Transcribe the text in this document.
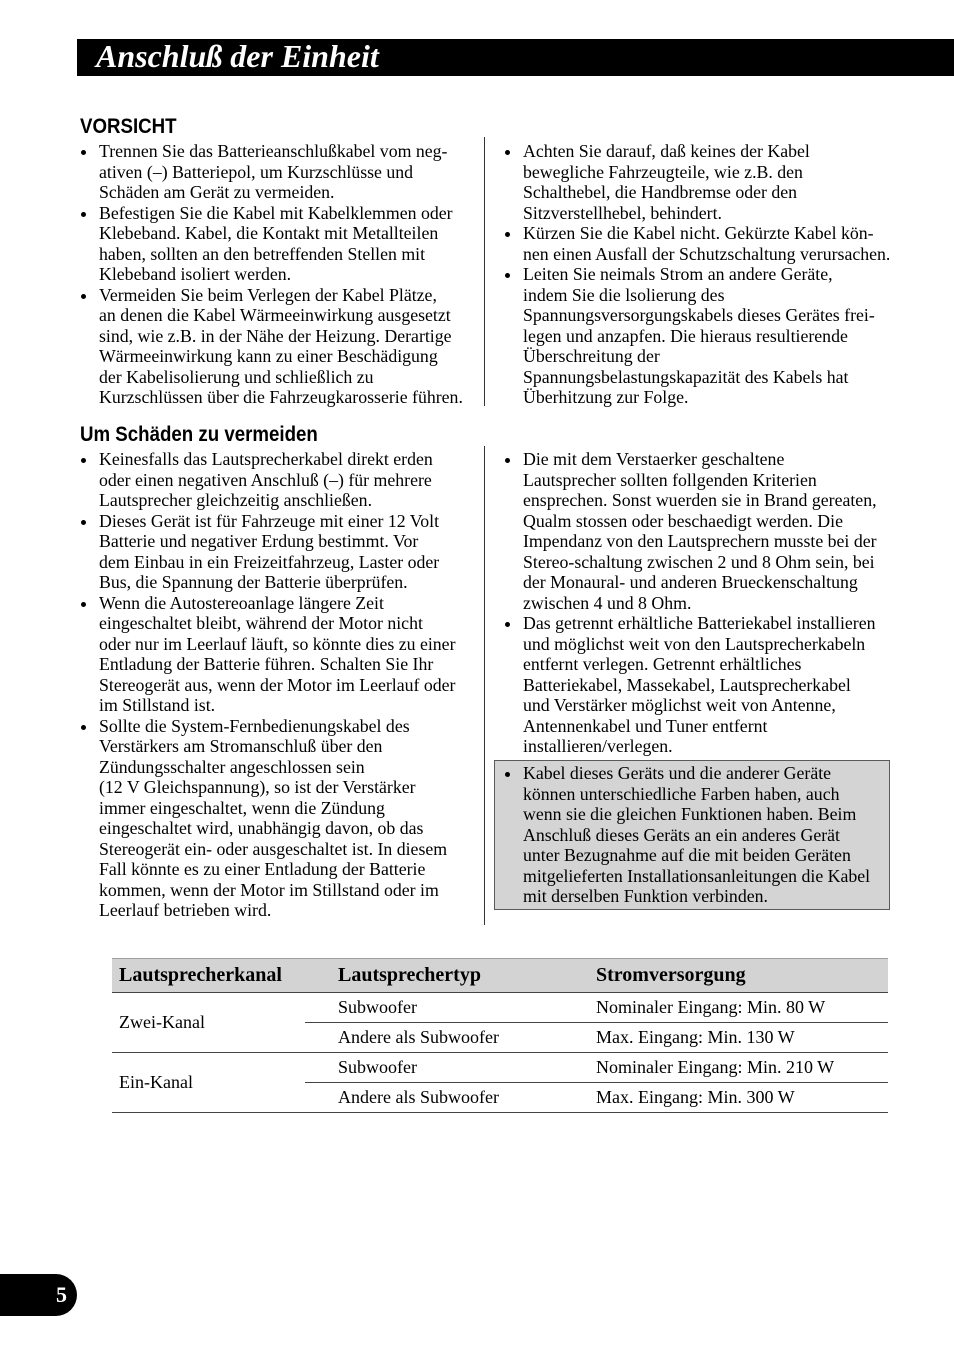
Anschluß der Einheit
VORSICHT
Trennen Sie das Batterieanschlußkabel vom neg-
ativen (–) Batteriepol, um Kurzschlüsse und
Schäden am Gerät zu vermeiden.
Befestigen Sie die Kabel mit Kabelklemmen oder
Klebeband. Kabel, die Kontakt mit Metallteilen
haben, sollten an den betreffenden Stellen mit
Klebeband isoliert werden.
Vermeiden Sie beim Verlegen der Kabel Plätze,
an denen die Kabel Wärmeeinwirkung ausgesetzt
sind, wie z.B. in der Nähe der Heizung. Derartige
Wärmeeinwirkung kann zu einer Beschädigung
der Kabelisolierung und schließlich zu
Kurzschlüssen über die Fahrzeugkarosserie führen.
Achten Sie darauf, daß keines der Kabel
bewegliche Fahrzeugteile, wie z.B. den
Schalthebel, die Handbremse oder den
Sitzverstellhebel, behindert.
Kürzen Sie die Kabel nicht. Gekürzte Kabel kön-
nen einen Ausfall der Schutzschaltung verursachen.
Leiten Sie neimals Strom an andere Geräte,
indem Sie die lsolierung des
Spannungsversorgungskabels dieses Gerätes frei-
legen und anzapfen. Die hieraus resultierende
Überschreitung der
Spannungsbelastungskapazität des Kabels hat
Überhitzung zur Folge.
Um Schäden zu vermeiden
Keinesfalls das Lautsprecherkabel direkt erden
oder einen negativen Anschluß (–) für mehrere
Lautsprecher gleichzeitig anschließen.
Dieses Gerät ist für Fahrzeuge mit einer 12 Volt
Batterie und negativer Erdung bestimmt. Vor
dem Einbau in ein Freizeitfahrzeug, Laster oder
Bus, die Spannung der Batterie überprüfen.
Wenn die Autostereoanlage längere Zeit
eingeschaltet bleibt, während der Motor nicht
oder nur im Leerlauf läuft, so könnte dies zu einer
Entladung der Batterie führen. Schalten Sie Ihr
Stereogerät aus, wenn der Motor im Leerlauf oder
im Stillstand ist.
Sollte die System-Fernbedienungskabel des
Verstärkers am Stromanschluß über den
Zündungsschalter angeschlossen sein
(12 V Gleichspannung), so ist der Verstärker
immer eingeschaltet, wenn die Zündung
eingeschaltet wird, unabhängig davon, ob das
Stereogerät ein- oder ausgeschaltet ist. In diesem
Fall könnte es zu einer Entladung der Batterie
kommen, wenn der Motor im Stillstand oder im
Leerlauf betrieben wird.
Die mit dem Verstaerker geschaltene
Lautsprecher sollten follgenden Kriterien
ensprechen. Sonst wuerden sie in Brand gereaten,
Qualm stossen oder beschaedigt werden. Die
Impendanz von den Lautsprechern musste bei der
Stereo-schaltung zwischen 2 und 8 Ohm sein, bei
der Monaural- und anderen Brueckenschaltung
zwischen 4 und 8 Ohm.
Das getrennt erhältliche Batteriekabel installieren
und möglichst weit von den Lautsprecherkabeln
entfernt verlegen. Getrennt erhältliches
Batteriekabel, Massekabel, Lautsprecherkabel
und Verstärker möglichst weit von Antenne,
Antennenkabel und Tuner entfernt
installieren/verlegen.
Kabel dieses Geräts und die anderer Geräte
können unterschiedliche Farben haben, auch
wenn sie die gleichen Funktionen haben. Beim
Anschluß dieses Geräts an ein anderes Gerät
unter Bezugnahme auf die mit beiden Geräten
mitgelieferten Installationsanleitungen die Kabel
mit derselben Funktion verbinden.
Lautsprecherkanal	Lautsprechertyp	Stromversorgung
Zwei-Kanal	Subwoofer	Nominaler Eingang: Min. 80 W
	Andere als Subwoofer	Max. Eingang: Min. 130 W
Ein-Kanal	Subwoofer	Nominaler Eingang: Min. 210 W
	Andere als Subwoofer	Max. Eingang: Min. 300 W
5
